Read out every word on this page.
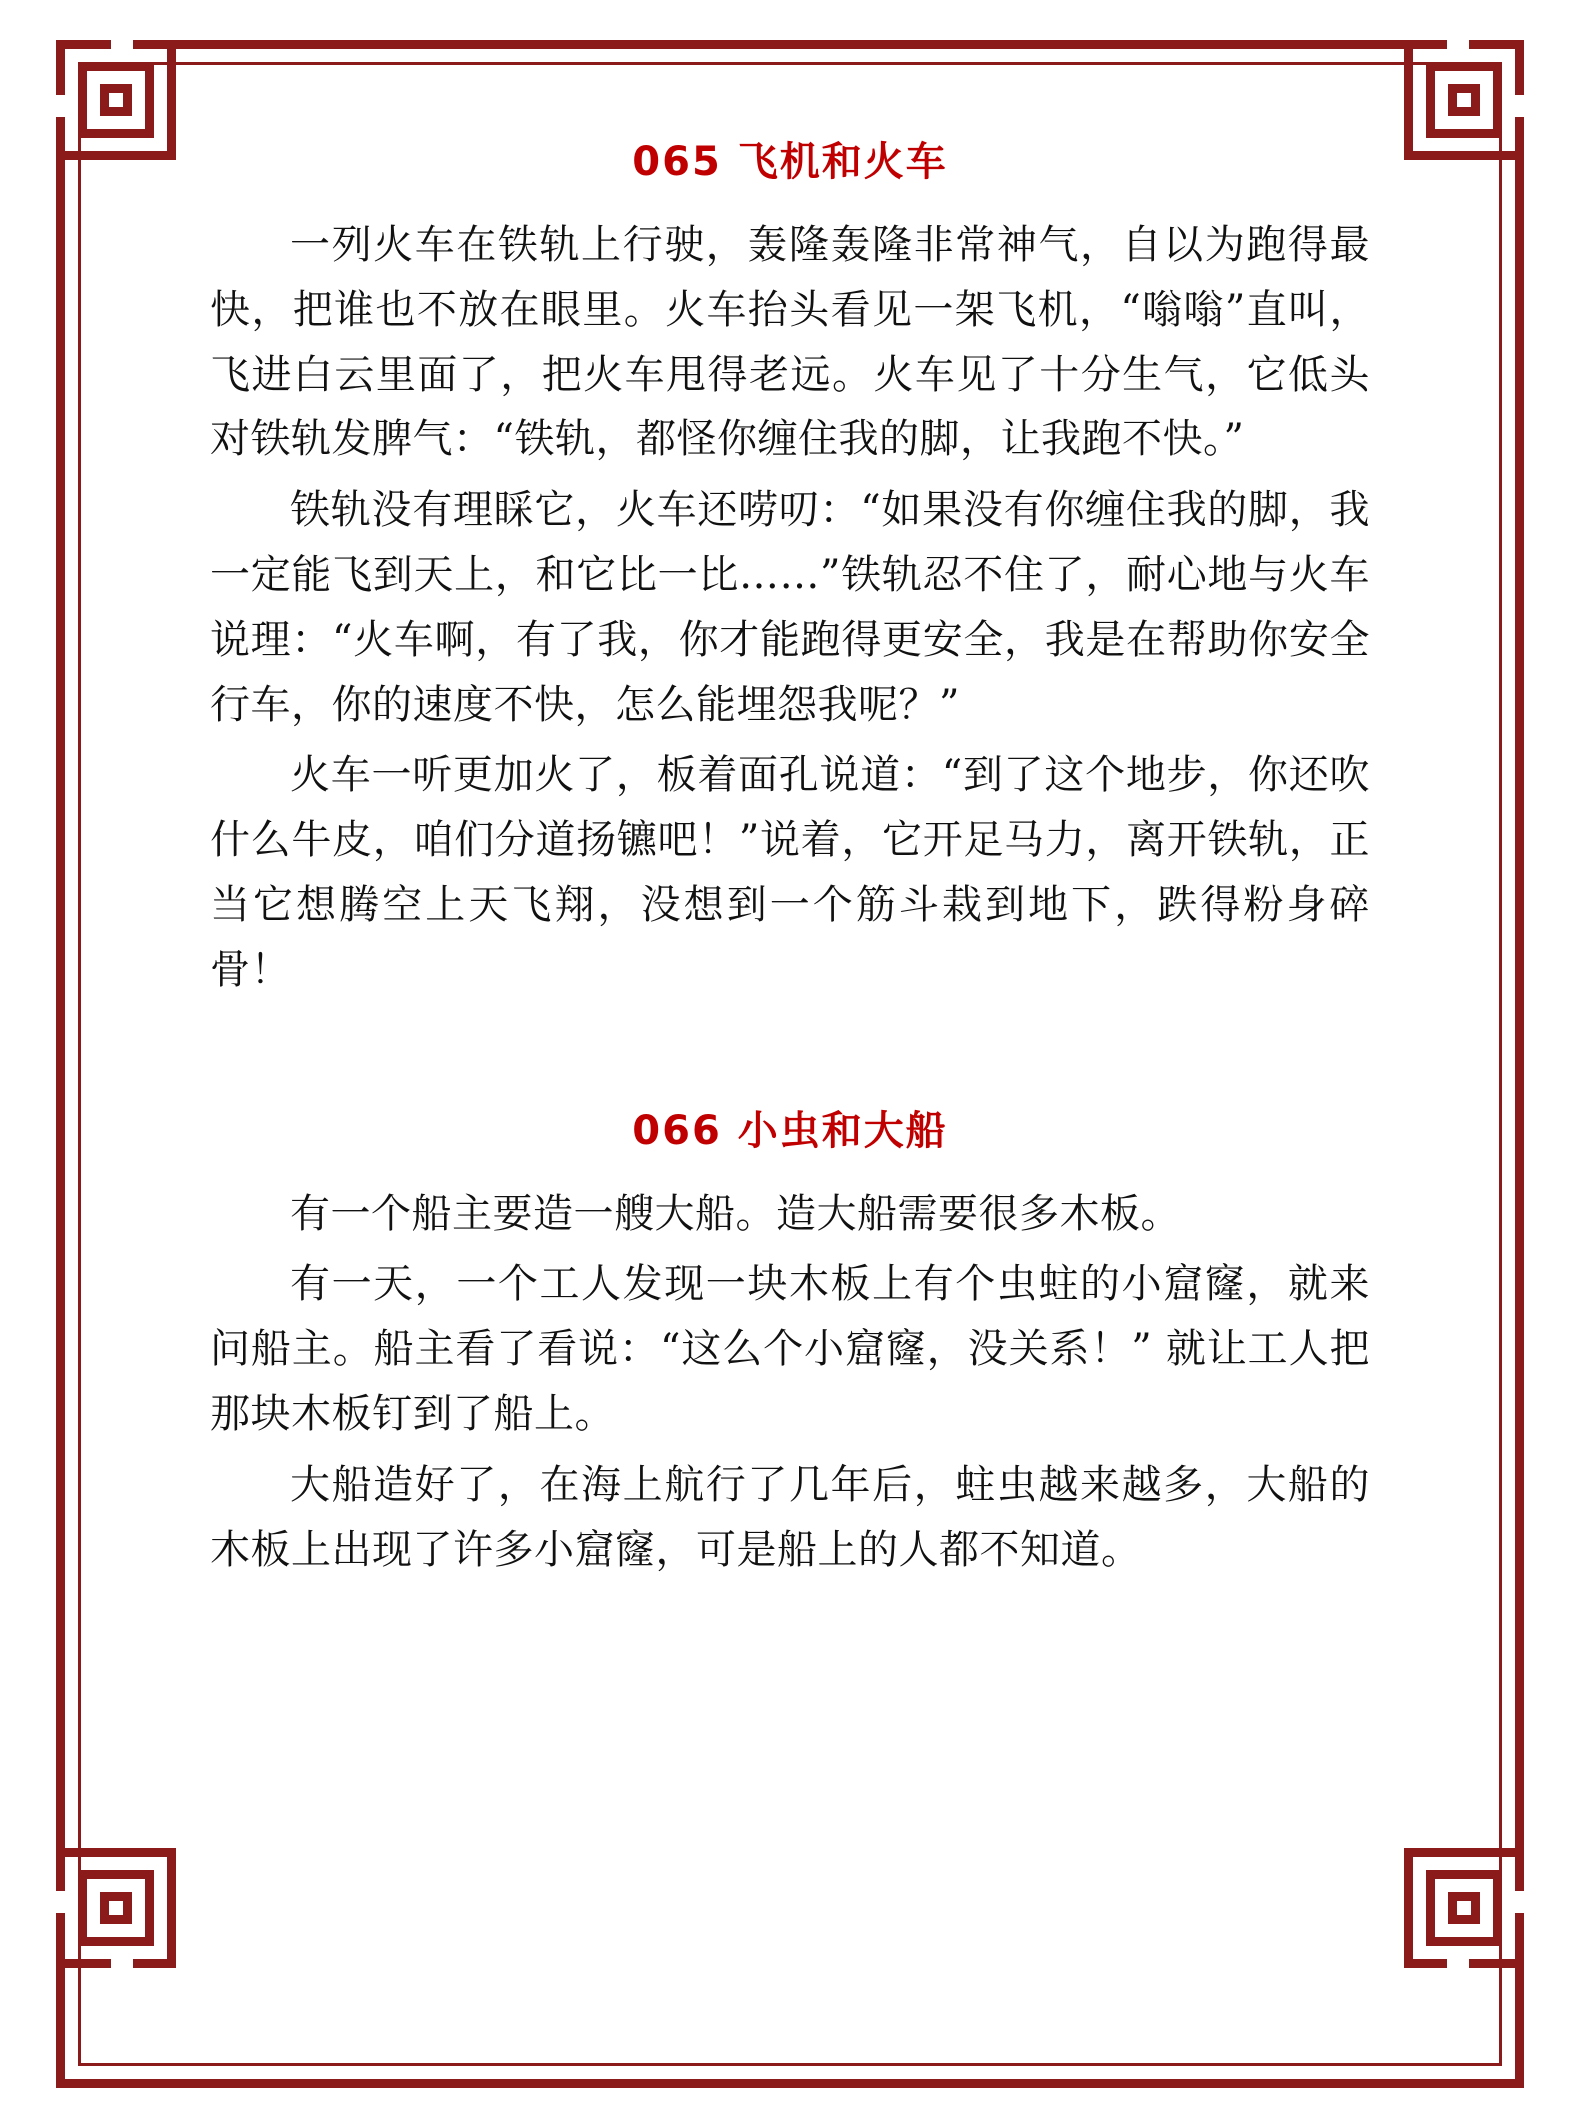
065 飞机和火车

一列火车在铁轨上行驶，轰隆轰隆非常神气，自以为跑得最快，把谁也不放在眼里。火车抬头看见一架飞机，“嗡嗡”直叫，飞进白云里面了，把火车甩得老远。火车见了十分生气，它低头对铁轨发脾气：“铁轨，都怪你缠住我的脚，让我跑不快。”

铁轨没有理睬它，火车还唠叨：“如果没有你缠住我的脚，我一定能飞到天上，和它比一比……”铁轨忍不住了，耐心地与火车说理：“火车啊，有了我，你才能跑得更安全，我是在帮助你安全行车，你的速度不快，怎么能埋怨我呢？”

火车一听更加火了，板着面孔说道：“到了这个地步，你还吹什么牛皮，咱们分道扬镳吧！”说着，它开足马力，离开铁轨，正当它想腾空上天飞翔，没想到一个筋斗栽到地下，跌得粉身碎骨！

066 小虫和大船

有一个船主要造一艘大船。造大船需要很多木板。

有一天，一个工人发现一块木板上有个虫蛀的小窟窿，就来问船主。船主看了看说：“这么个小窟窿，没关系！” 就让工人把那块木板钉到了船上。

大船造好了，在海上航行了几年后，蛀虫越来越多，大船的木板上出现了许多小窟窿，可是船上的人都不知道。
